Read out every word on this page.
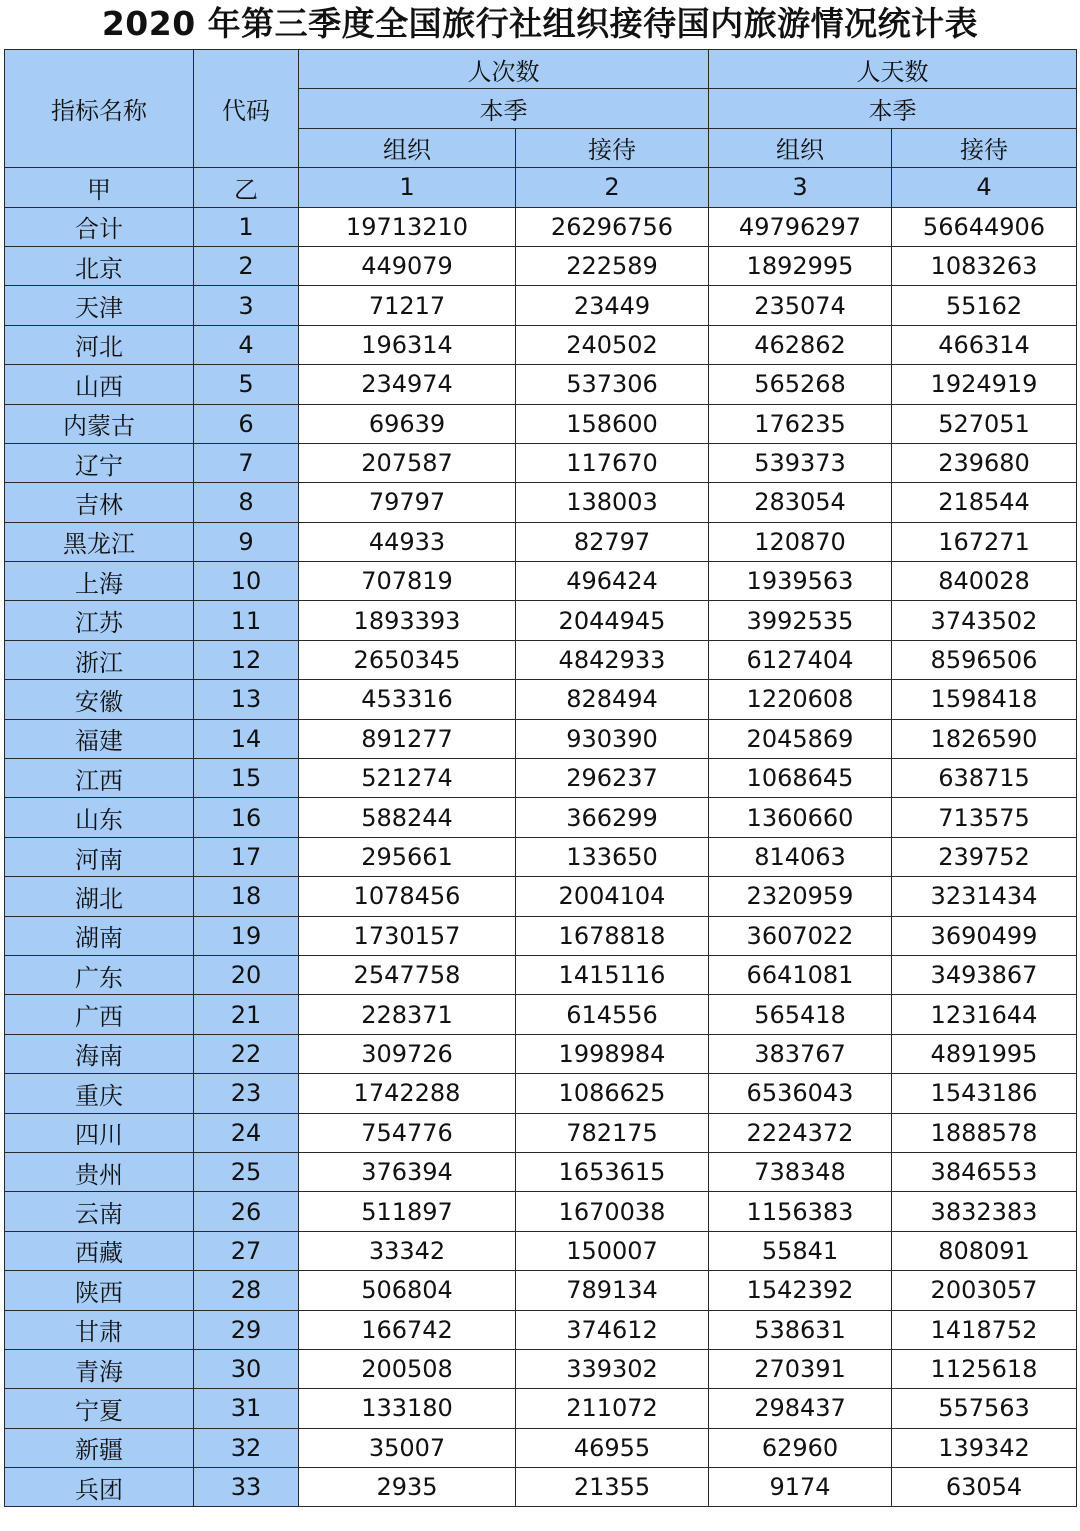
2020 年第三季度全国旅行社组织接待国内旅游情况统计表
指标名称	代码	人次数		人天数	
		本季		本季	
		组织	接待	组织	接待
甲	乙	1	2	3	4
合计	1	19713210	26296756	49796297	56644906
北京	2	449079	222589	1892995	1083263
天津	3	71217	23449	235074	55162
河北	4	196314	240502	462862	466314
山西	5	234974	537306	565268	1924919
内蒙古	6	69639	158600	176235	527051
辽宁	7	207587	117670	539373	239680
吉林	8	79797	138003	283054	218544
黑龙江	9	44933	82797	120870	167271
上海	10	707819	496424	1939563	840028
江苏	11	1893393	2044945	3992535	3743502
浙江	12	2650345	4842933	6127404	8596506
安徽	13	453316	828494	1220608	1598418
福建	14	891277	930390	2045869	1826590
江西	15	521274	296237	1068645	638715
山东	16	588244	366299	1360660	713575
河南	17	295661	133650	814063	239752
湖北	18	1078456	2004104	2320959	3231434
湖南	19	1730157	1678818	3607022	3690499
广东	20	2547758	1415116	6641081	3493867
广西	21	228371	614556	565418	1231644
海南	22	309726	1998984	383767	4891995
重庆	23	1742288	1086625	6536043	1543186
四川	24	754776	782175	2224372	1888578
贵州	25	376394	1653615	738348	3846553
云南	26	511897	1670038	1156383	3832383
西藏	27	33342	150007	55841	808091
陕西	28	506804	789134	1542392	2003057
甘肃	29	166742	374612	538631	1418752
青海	30	200508	339302	270391	1125618
宁夏	31	133180	211072	298437	557563
新疆	32	35007	46955	62960	139342
兵团	33	2935	21355	9174	63054
